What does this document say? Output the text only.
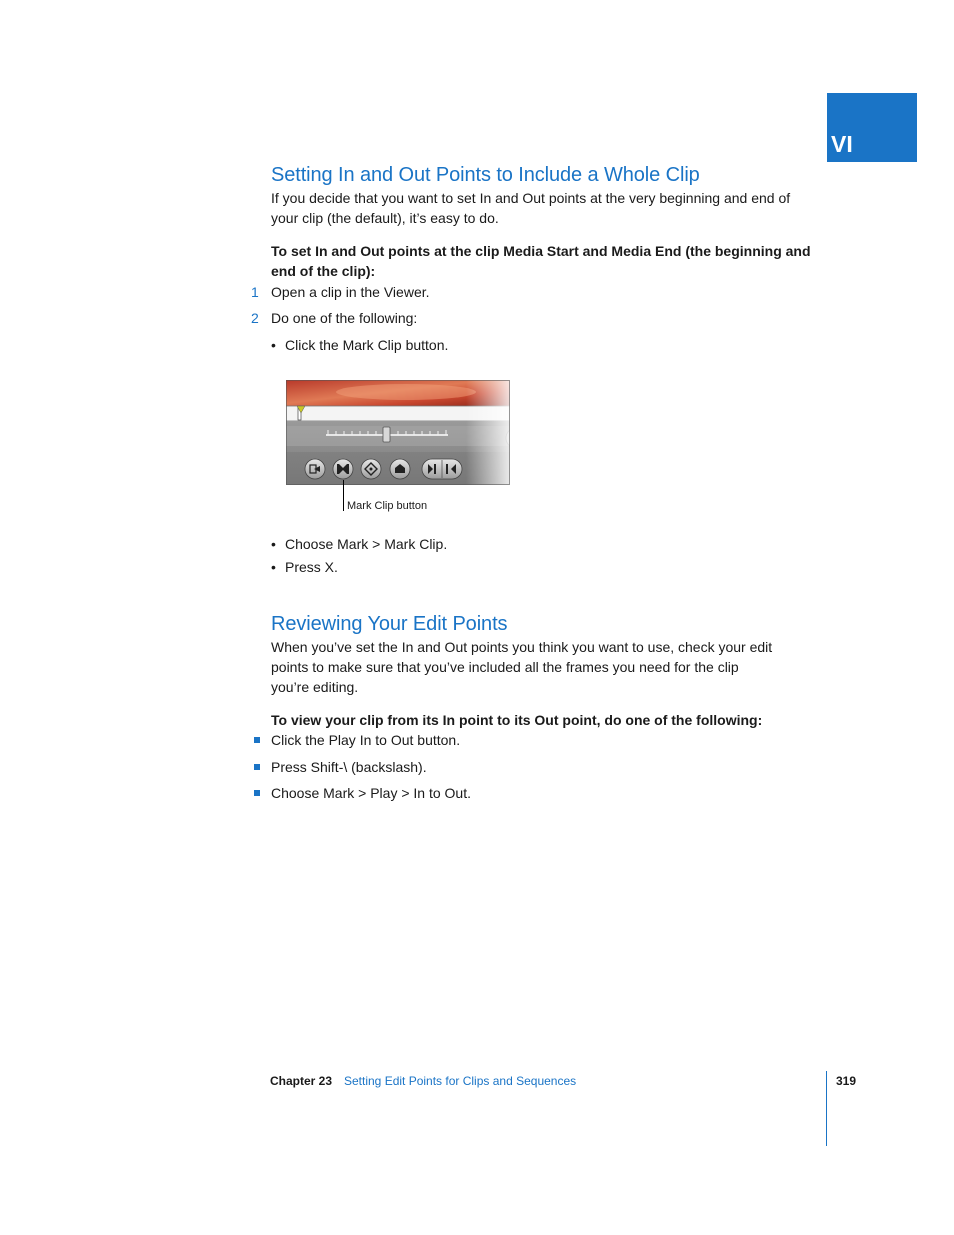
VI
Setting In and Out Points to Include a Whole Clip
If you decide that you want to set In and Out points at the very beginning and end of
your clip (the default), it’s easy to do.
To set In and Out points at the clip Media Start and Media End (the beginning and
end of the clip):
1 Open a clip in the Viewer.
2 Do one of the following:
• Click the Mark Clip button.
Mark Clip button
• Choose Mark > Mark Clip.
• Press X.
Reviewing Your Edit Points
When you’ve set the In and Out points you think you want to use, check your edit
points to make sure that you’ve included all the frames you need for the clip
you’re editing.
To view your clip from its In point to its Out point, do one of the following:
Click the Play In to Out button.
Press Shift-\ (backslash).
Choose Mark > Play > In to Out.
Chapter 23 Setting Edit Points for Clips and Sequences	319
